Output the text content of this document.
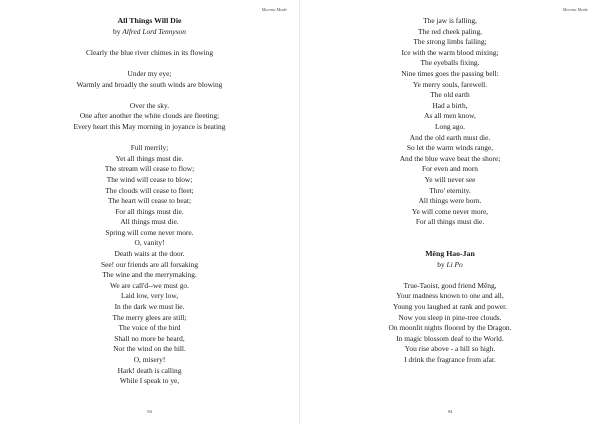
Macmu Made
All Things Will Die
by Alfred Lord Tennyson
Clearly the blue river chimes in its flowing
Under my eye;
Warmly and broadly the south winds are blowing
Over the sky.
One after another the white clouds are fleeting;
Every heart this May morning in joyance is beating
Full merrily;
Yet all things must die.
The stream will cease to flow;
The wind will cease to blow;
The clouds will cease to fleet;
The heart will cease to beat;
For all things must die.
All things must die.
Spring will come never more.
O, vanity!
Death waits at the door.
See! our friends are all forsaking
The wine and the merrymaking.
We are call'd--we must go.
Laid low, very low,
In the dark we must lie.
The merry glees are still;
The voice of the bird
Shall no more be heard,
Nor the wind on the hill.
O, misery!
Hark! death is calling
While I speak to ye,
94
Macmu Made
The jaw is falling,
The red cheek paling,
The strong limbs failing;
Ice with the warm blood mixing;
The eyeballs fixing.
Nine times goes the passing bell:
Ye merry souls, farewell.
The old earth
Had a birth,
As all men know,
Long ago.
And the old earth must die.
So let the warm winds range,
And the blue wave beat the shore;
For even and morn
Ye will never see
Thro' eternity.
All things were born.
Ye will come never more,
For all things must die.
Mêng Hao-Jan
by Li Po
True-Taoist, good friend Mêng,
Your madness known to one and all,
Young you laughed at rank and power.
Now you sleep in pine-tree clouds.
On moonlit nights floored by the Dragon.
In magic blossom deaf to the World.
You rise above - a hill so high.
I drink the fragrance from afar.
94
